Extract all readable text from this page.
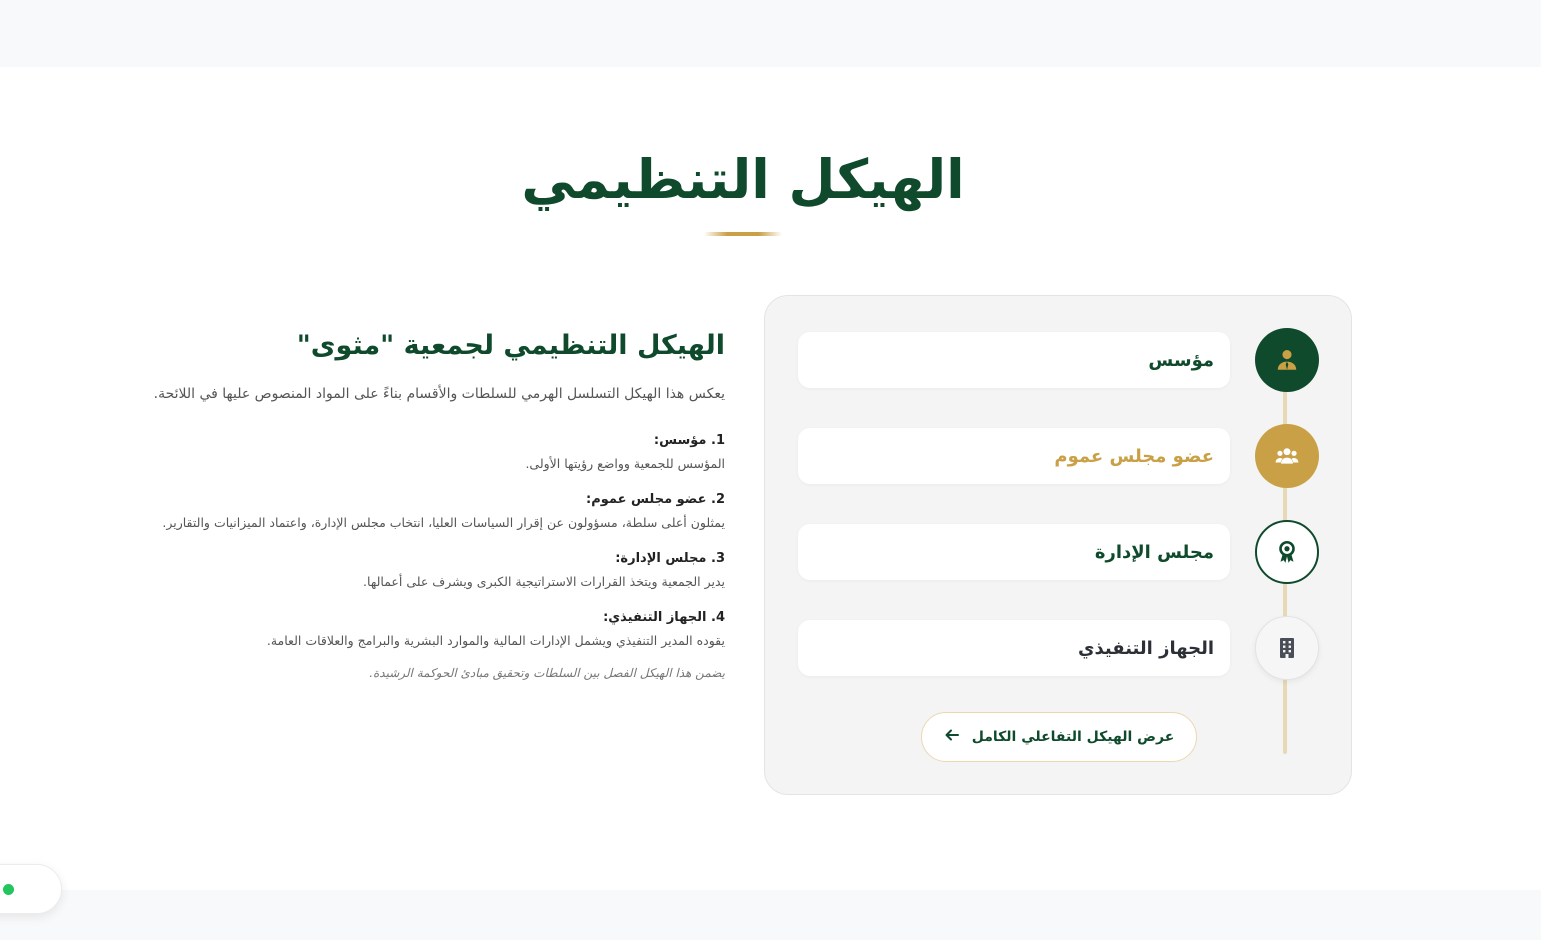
الهيكل التنظيمي
الهيكل التنظيمي لجمعية "مثوى"

يعكس هذا الهيكل التسلسل الهرمي للسلطات والأقسام بناءً على المواد المنصوص عليها في اللائحة.

1. مؤسس:
المؤسس للجمعية وواضع رؤيتها الأولى.
2. عضو مجلس عموم:
يمثلون أعلى سلطة، مسؤولون عن إقرار السياسات العليا، انتخاب مجلس الإدارة، واعتماد الميزانيات والتقارير.
3. مجلس الإدارة:
يدير الجمعية ويتخذ القرارات الاستراتيجية الكبرى ويشرف على أعمالها.
4. الجهاز التنفيذي:
يقوده المدير التنفيذي ويشمل الإدارات المالية والموارد البشرية والبرامج والعلاقات العامة.

يضمن هذا الهيكل الفصل بين السلطات وتحقيق مبادئ الحوكمة الرشيدة.

مؤسس
عضو مجلس عموم
مجلس الإدارة
الجهاز التنفيذي
عرض الهيكل التفاعلي الكامل
